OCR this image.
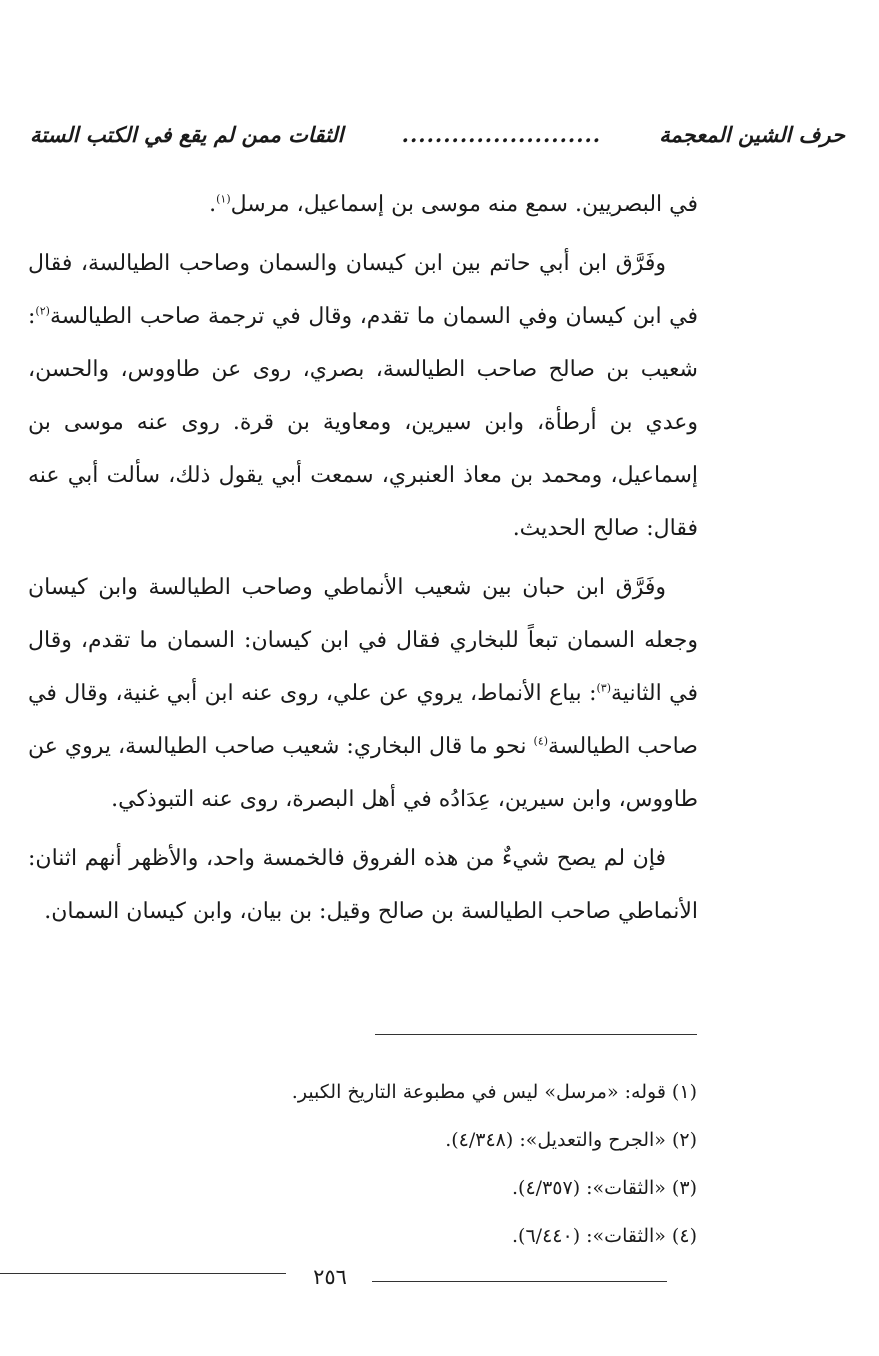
حرف الشين المعجمة
........................
الثقات ممن لم يقع في الكتب الستة

في البصريين. سمع منه موسى بن إسماعيل، مرسل$^{(١)}$.

وفَرَّق ابن أبي حاتم بين ابن كيسان والسمان وصاحب الطيالسة، فقال في ابن كيسان وفي السمان ما تقدم، وقال في ترجمة صاحب الطيالسة$^{(٢)}$: شعيب بن صالح صاحب الطيالسة، بصري، روى عن طاووس، والحسن، وعدي بن أرطأة، وابن سيرين، ومعاوية بن قرة. روى عنه موسى بن إسماعيل، ومحمد بن معاذ العنبري، سمعت أبي يقول ذلك، سألت أبي عنه فقال: صالح الحديث.

وفَرَّق ابن حبان بين شعيب الأنماطي وصاحب الطيالسة وابن كيسان وجعله السمان تبعاً للبخاري فقال في ابن كيسان: السمان ما تقدم، وقال في الثانية$^{(٣)}$: بياع الأنماط، يروي عن علي، روى عنه ابن أبي غنية، وقال في صاحب الطيالسة$^{(٤)}$ نحو ما قال البخاري: شعيب صاحب الطيالسة، يروي عن طاووس، وابن سيرين، عِدَادُه في أهل البصرة، روى عنه التبوذكي.

فإن لم يصح شيءٌ من هذه الفروق فالخمسة واحد، والأظهر أنهم اثنان: الأنماطي صاحب الطيالسة بن صالح وقيل: بن بيان، وابن كيسان السمان.

(١) قوله: «مرسل» ليس في مطبوعة التاريخ الكبير.
(٢) «الجرح والتعديل»: (٤/٣٤٨).
(٣) «الثقات»: (٤/٣٥٧).
(٤) «الثقات»: (٦/٤٤٠).
٢٥٦
